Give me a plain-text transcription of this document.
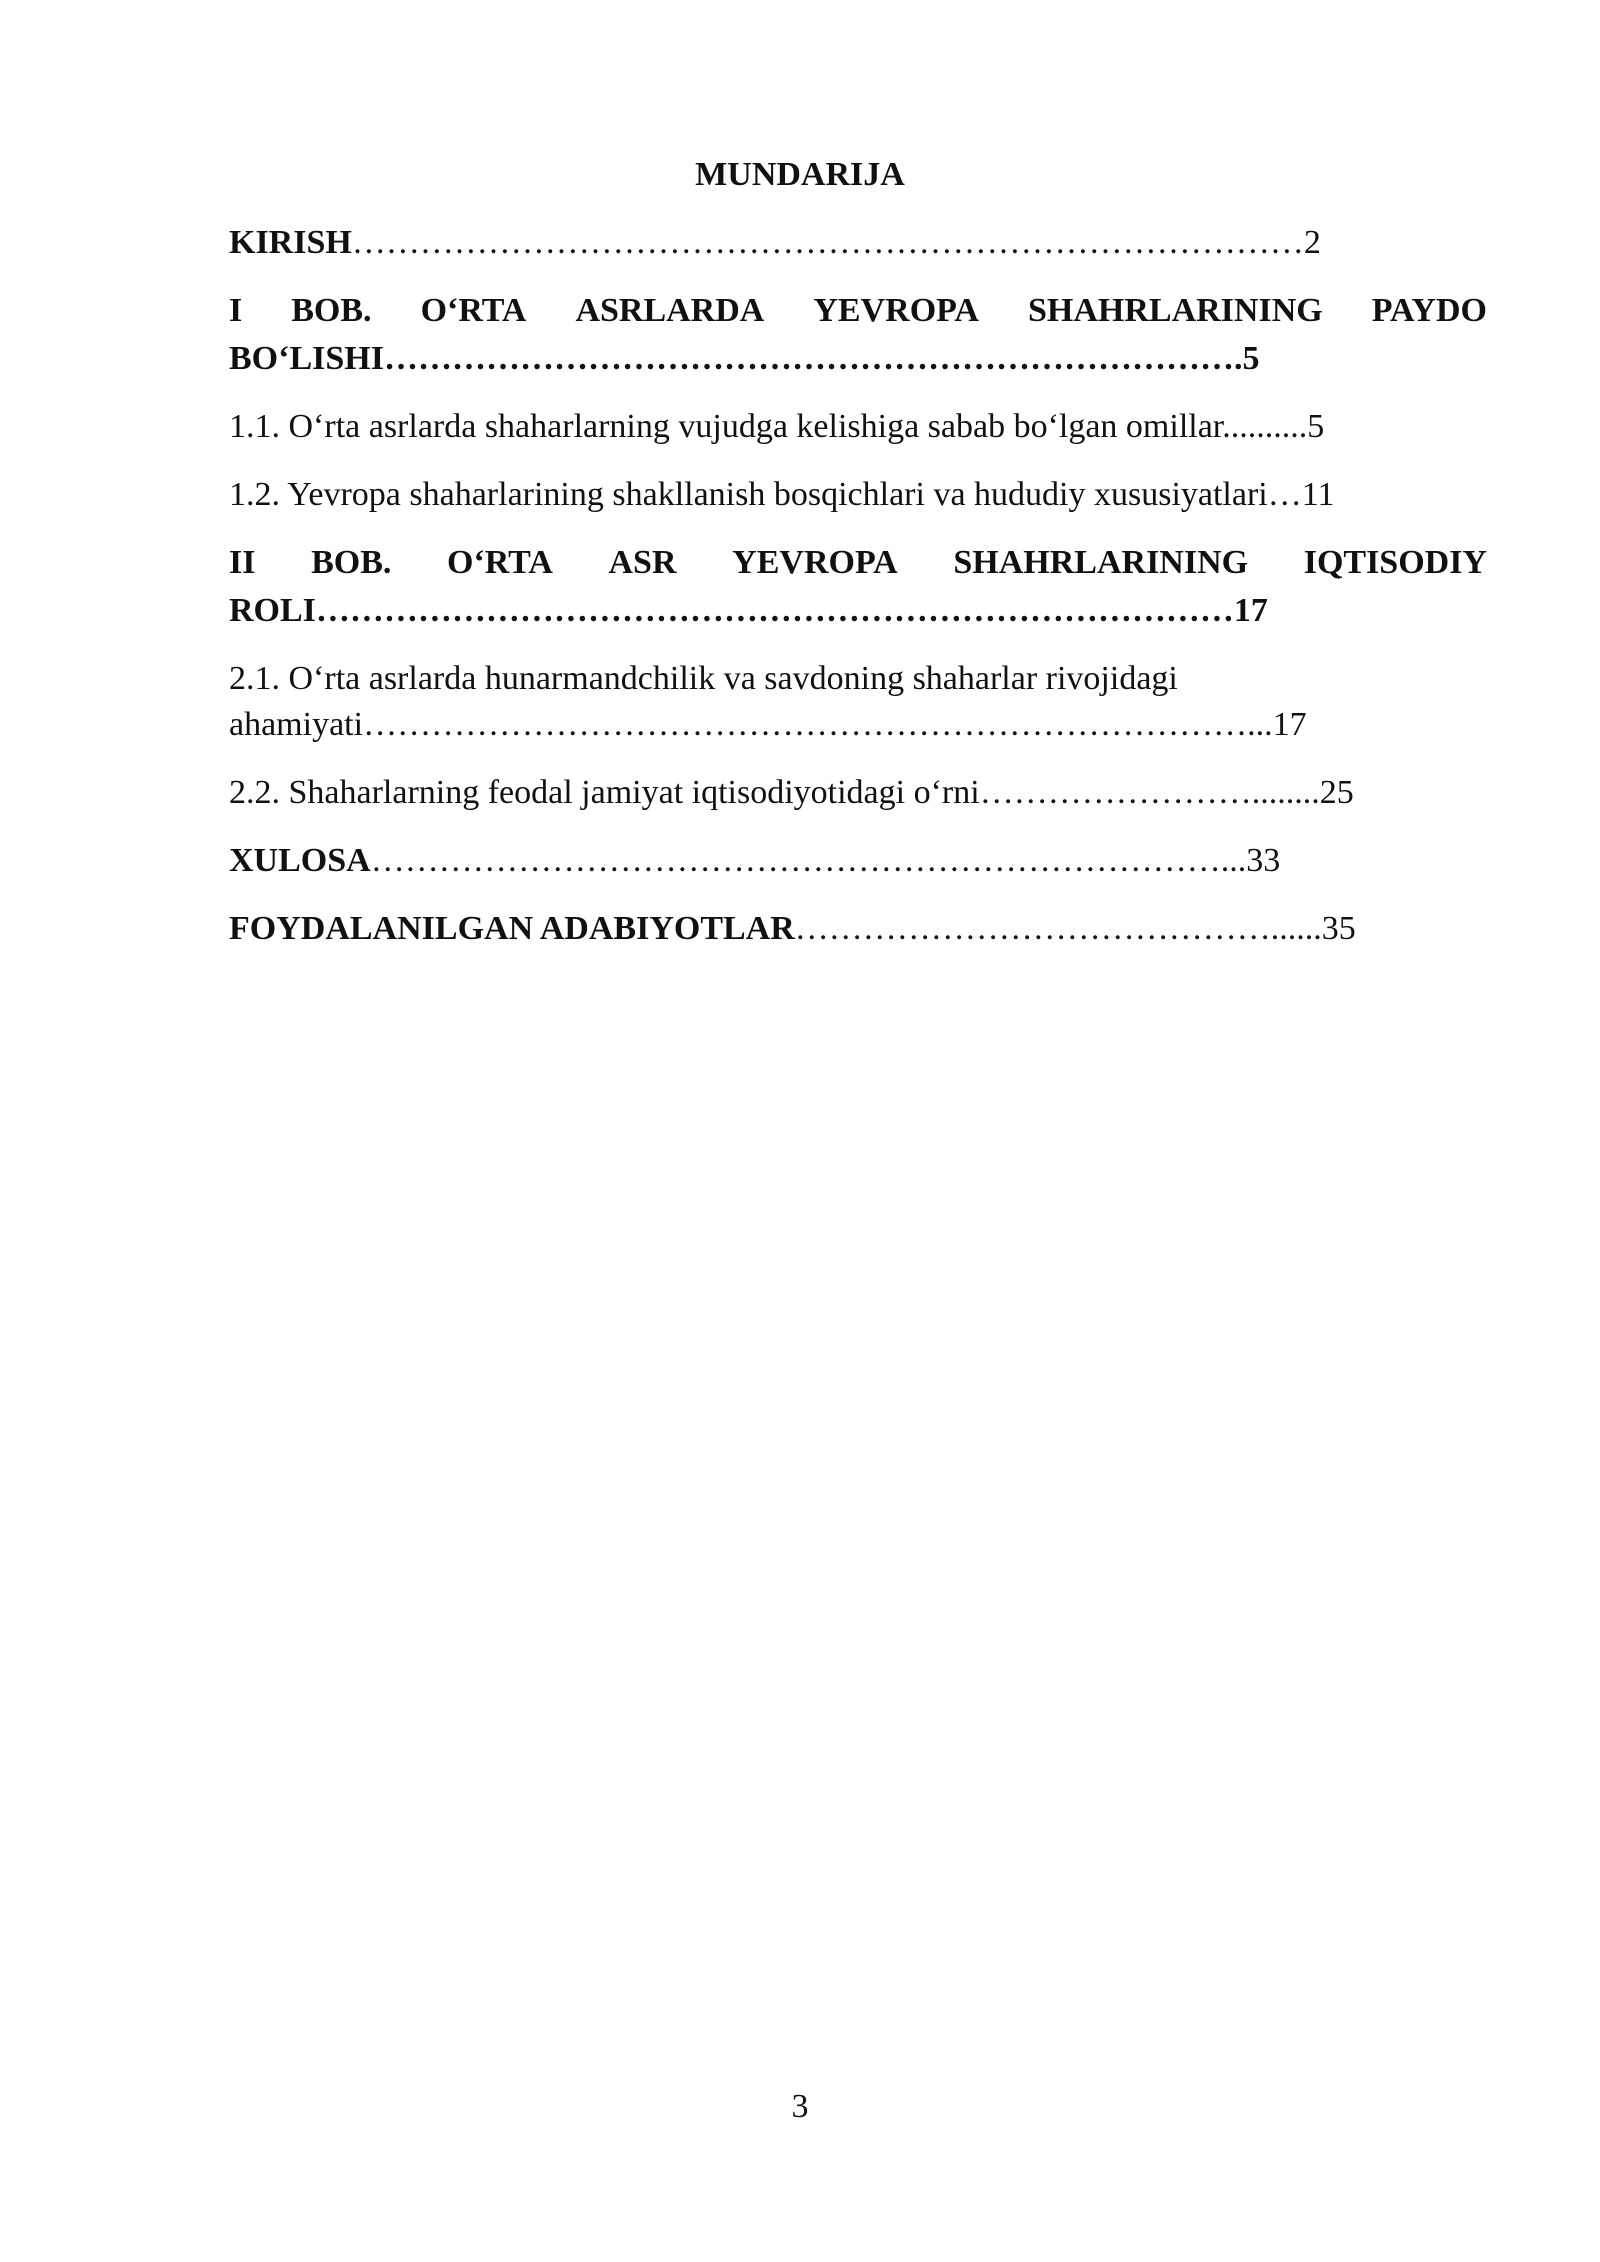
MUNDARIJA
KIRISH…………………………………………………………………………2
I BOB. O‘RTA ASRLARDA YEVROPA SHAHRLARINING PAYDO
BO‘LISHI………………………………………………………………….5
1.1. O‘rta asrlarda shaharlarning vujudga kelishiga sabab bo‘lgan omillar..........5
1.2. Yevropa shaharlarining shakllanish bosqichlari va hududiy xususiyatlari…11
II BOB. O‘RTA ASR YEVROPA SHAHRLARINING IQTISODIY
ROLI………………………………………………………………………17
2.1. O‘rta asrlarda hunarmandchilik va savdoning shaharlar rivojidagi
ahamiyati……………………………………………………………………...17
2.2. Shaharlarning feodal jamiyat iqtisodiyotidagi o‘rni……………………........25
XULOSA…………………………………………………………………...33
FOYDALANILGAN ADABIYOTLAR……………………………………......35
3
